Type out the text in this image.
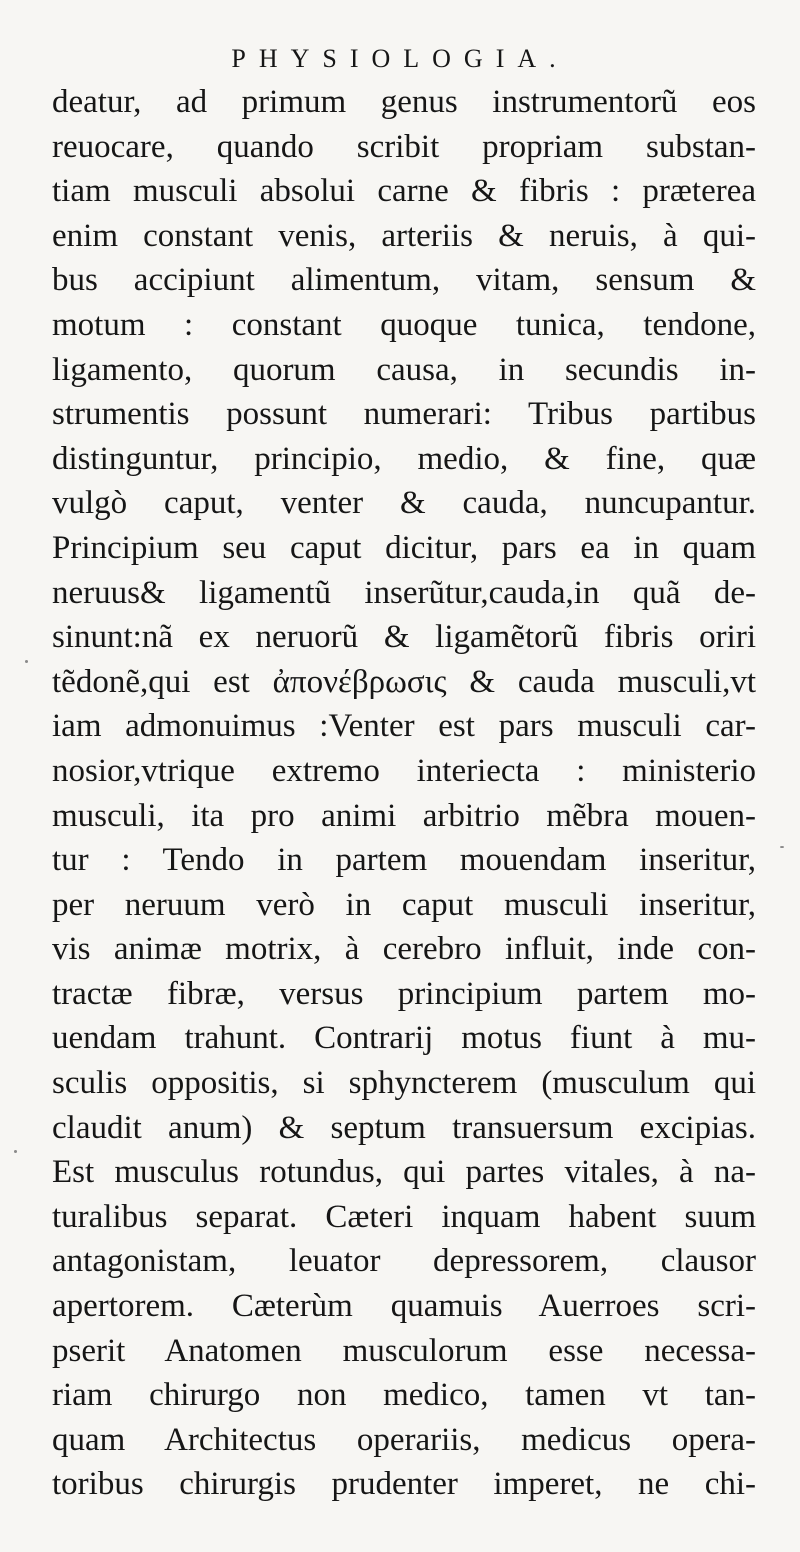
PHYSIOLOGIA.
deatur, ad primum genus instrumentorũ eos
reuocare, quando scribit propriam substan-
tiam musculi absolui carne & fibris : præterea
enim constant venis, arteriis & neruis, à qui-
bus accipiunt alimentum, vitam, sensum &
motum : constant quoque tunica, tendone,
ligamento, quorum causa, in secundis in-
strumentis possunt numerari: Tribus partibus
distinguntur, principio, medio, & fine, quæ
vulgò caput, venter & cauda, nuncupantur.
Principium seu caput dicitur, pars ea in quam
neruus& ligamentũ inserũtur,cauda,in quã de-
sinunt:nã ex neruorũ & ligamẽtorũ fibris oriri
tẽdonẽ,qui est ἀπονέβρωσις & cauda musculi,vt
iam admonuimus :Venter est pars musculi car-
nosior,vtrique extremo interiecta : ministerio
musculi, ita pro animi arbitrio mẽbra mouen-
tur : Tendo in partem mouendam inseritur,
per neruum verò in caput musculi inseritur,
vis animæ motrix, à cerebro influit, inde con-
tractæ fibræ, versus principium partem mo-
uendam trahunt. Contrarij motus fiunt à mu-
sculis oppositis, si sphyncterem (musculum qui
claudit anum) & septum transuersum excipias.
Est musculus rotundus, qui partes vitales, à na-
turalibus separat. Cæteri inquam habent suum
antagonistam, leuator depressorem, clausor
apertorem. Cæterùm quamuis Auerroes scri-
pserit Anatomen musculorum esse necessa-
riam chirurgo non medico, tamen vt tan-
quam Architectus operariis, medicus opera-
toribus chirurgis prudenter imperet, ne chi-
